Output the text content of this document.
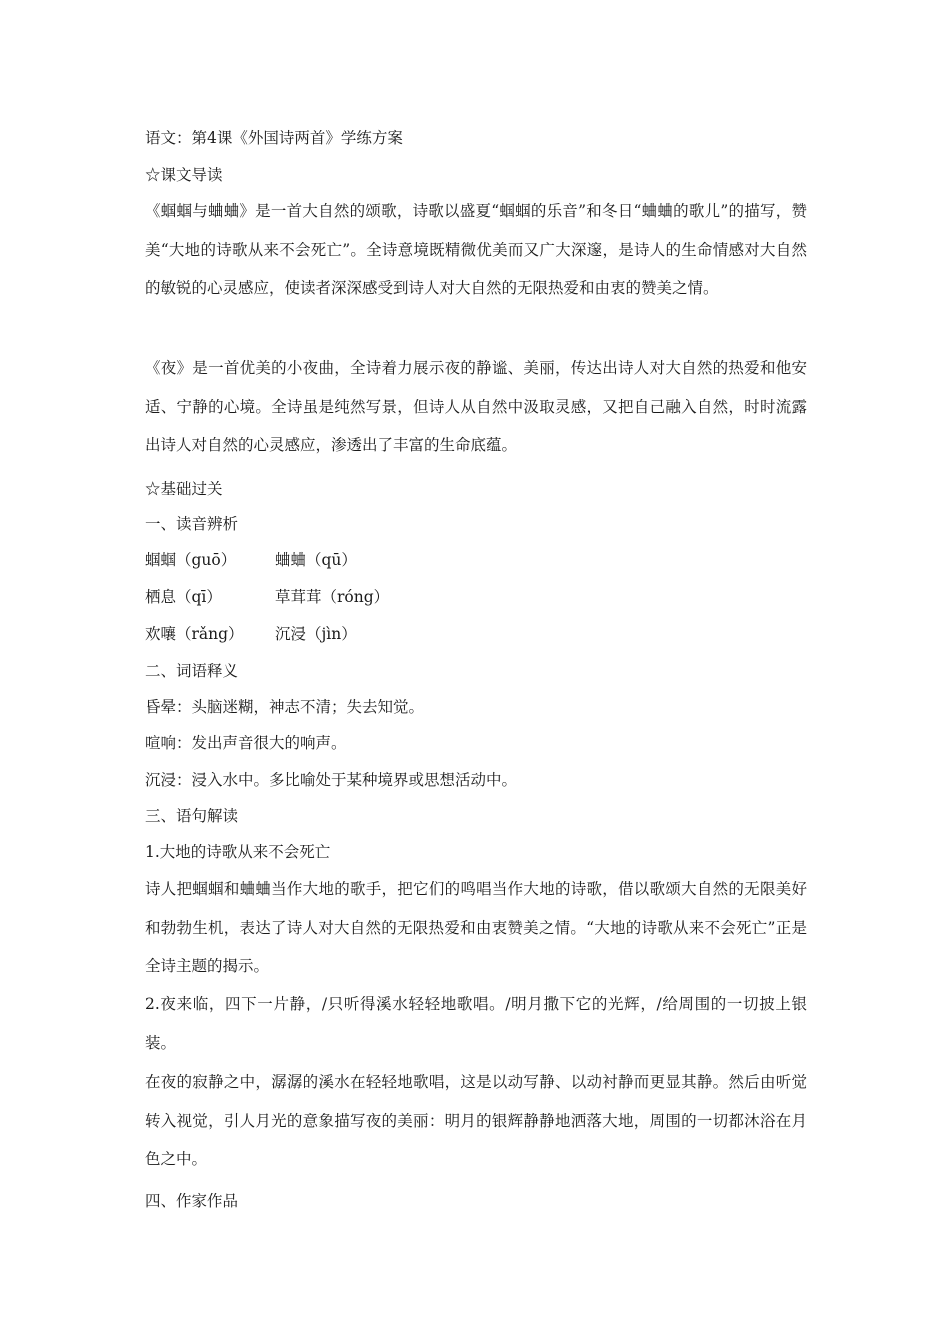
语文：第4课《外国诗两首》学练方案
☆课文导读

《蝈蝈与蛐蛐》是一首大自然的颂歌，诗歌以盛夏“蝈蝈的乐音”和冬日“蛐蛐的歌儿”的描写，赞美“大地的诗歌从来不会死亡”。全诗意境既精微优美而又广大深邃，是诗人的生命情感对大自然的敏锐的心灵感应，使读者深深感受到诗人对大自然的无限热爱和由衷的赞美之情。

《夜》是一首优美的小夜曲，全诗着力展示夜的静谧、美丽，传达出诗人对大自然的热爱和他安适、宁静的心境。全诗虽是纯然写景，但诗人从自然中汲取灵感，又把自己融入自然，时时流露出诗人对自然的心灵感应，渗透出了丰富的生命底蕴。

☆基础过关
一、读音辨析
蝈蝈（guō）	蛐蛐（qū）
栖息（qī）	草茸茸（róng）
欢嚷（rǎng）	沉浸（jìn）
二、词语释义
昏晕：头脑迷糊，神志不清；失去知觉。
喧响：发出声音很大的响声。
沉浸：浸入水中。多比喻处于某种境界或思想活动中。
三、语句解读
1.大地的诗歌从来不会死亡

诗人把蝈蝈和蛐蛐当作大地的歌手，把它们的鸣唱当作大地的诗歌，借以歌颂大自然的无限美好和勃勃生机，表达了诗人对大自然的无限热爱和由衷赞美之情。“大地的诗歌从来不会死亡”正是全诗主题的揭示。

2.夜来临，四下一片静，/只听得溪水轻轻地歌唱。/明月撒下它的光辉，/给周围的一切披上银装。

在夜的寂静之中，潺潺的溪水在轻轻地歌唱，这是以动写静、以动衬静而更显其静。然后由听觉转入视觉，引人月光的意象描写夜的美丽：明月的银辉静静地洒落大地，周围的一切都沐浴在月色之中。

四、作家作品
